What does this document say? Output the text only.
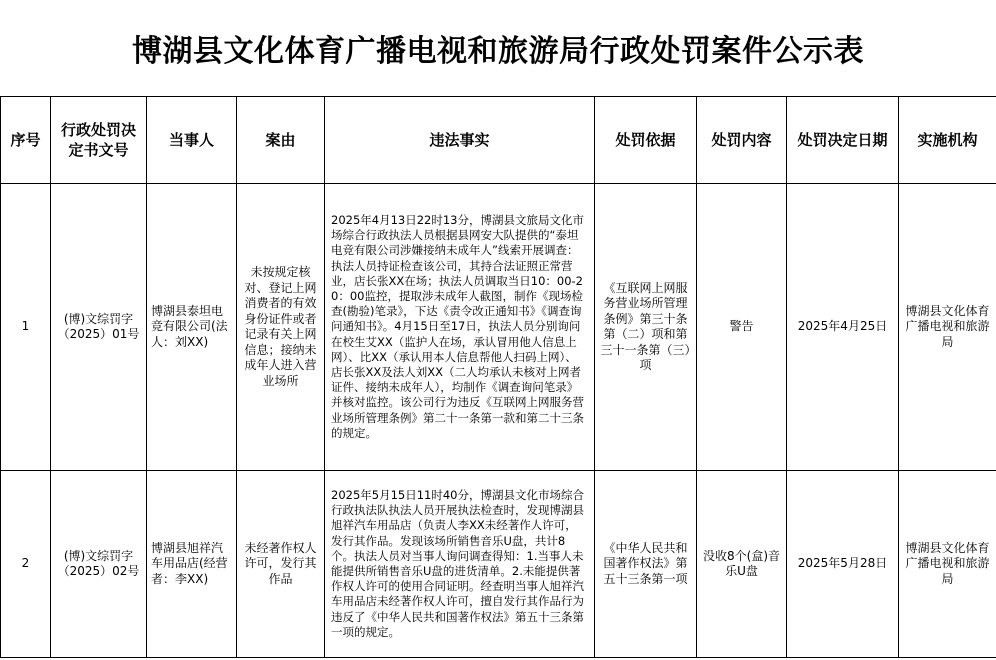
博湖县文化体育广播电视和旅游局行政处罚案件公示表
序号	行政处罚决定书文号	当事人	案由	违法事实	处罚依据	处罚内容	处罚决定日期	实施机构
1	(博)文综罚字（2025）01号	博湖县泰坦电竞有限公司(法人：刘XX)	未按规定核对、登记上网消费者的有效身份证件或者记录有关上网信息；接纳未成年人进入营业场所	2025年4月13日22时13分，博湖县文旅局文化市场综合行政执法人员根据县网安大队提供的“泰坦电竞有限公司涉嫌接纳未成年人”线索开展调查：执法人员持证检查该公司，其持合法证照正常营业，店长张XX在场；执法人员调取当日10：00-20：00监控，提取涉未成年人截图，制作《现场检查(勘验)笔录》，下达《责令改正通知书》《调查询问通知书》。4月15日至17日，执法人员分别询问在校生艾XX（监护人在场，承认冒用他人信息上网）、比XX（承认用本人信息帮他人扫码上网）、店长张XX及法人刘XX（二人均承认未核对上网者证件、接纳未成年人），均制作《调查询问笔录》并核对监控。该公司行为违反《互联网上网服务营业场所管理条例》第二十一条第一款和第二十三条的规定。	《互联网上网服务营业场所管理条例》第三十条第（二）项和第三十一条第（三）项	警告	2025年4月25日	博湖县文化体育广播电视和旅游局
2	(博)文综罚字（2025）02号	博湖县旭祥汽车用品店(经营者：李XX)	未经著作权人许可，发行其作品	2025年5月15日11时40分，博湖县文化市场综合行政执法队执法人员开展执法检查时，发现博湖县旭祥汽车用品店（负责人李XX未经著作人许可，发行其作品。发现该场所销售音乐U盘，共计8个。执法人员对当事人询问调查得知：1.当事人未能提供所销售音乐U盘的进货清单。2.未能提供著作权人许可的使用合同证明。经查明当事人旭祥汽车用品店未经著作权人许可，擅自发行其作品行为违反了《中华人民共和国著作权法》第五十三条第一项的规定。	《中华人民共和国著作权法》第五十三条第一项	没收8个(盒)音乐U盘	2025年5月28日	博湖县文化体育广播电视和旅游局
